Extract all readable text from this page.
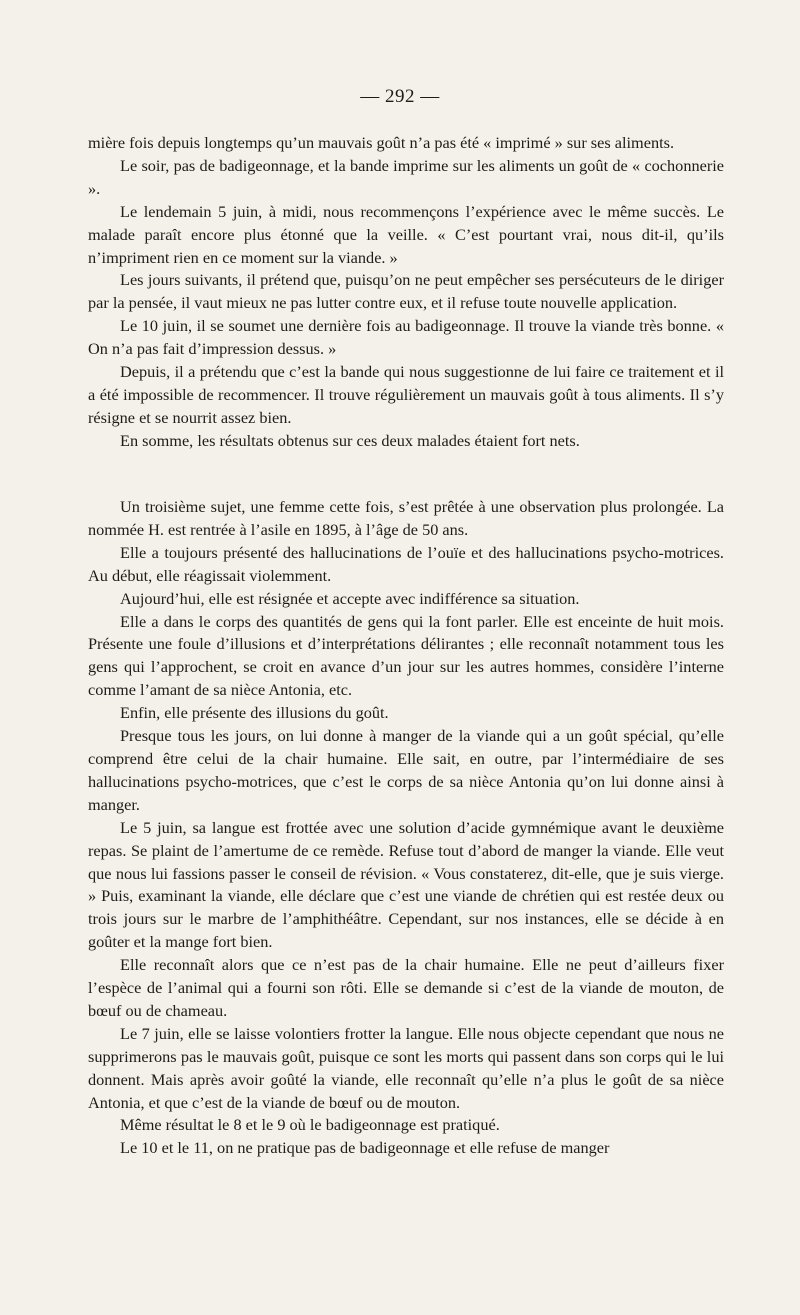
— 292 —

mière fois depuis longtemps qu’un mauvais goût n’a pas été « imprimé » sur ses aliments.

Le soir, pas de badigeonnage, et la bande imprime sur les aliments un goût de « cochonnerie ».

Le lendemain 5 juin, à midi, nous recommençons l’expérience avec le même succès. Le malade paraît encore plus étonné que la veille. « C’est pourtant vrai, nous dit-il, qu’ils n’impriment rien en ce moment sur la viande. »

Les jours suivants, il prétend que, puisqu’on ne peut empêcher ses persécuteurs de le diriger par la pensée, il vaut mieux ne pas lutter contre eux, et il refuse toute nouvelle application.

Le 10 juin, il se soumet une dernière fois au badigeonnage. Il trouve la viande très bonne. « On n’a pas fait d’impression dessus. »

Depuis, il a prétendu que c’est la bande qui nous suggestionne de lui faire ce traitement et il a été impossible de recommencer. Il trouve régulièrement un mauvais goût à tous aliments. Il s’y résigne et se nourrit assez bien.

En somme, les résultats obtenus sur ces deux malades étaient fort nets.

Un troisième sujet, une femme cette fois, s’est prêtée à une observation plus prolongée. La nommée H. est rentrée à l’asile en 1895, à l’âge de 50 ans.

Elle a toujours présenté des hallucinations de l’ouïe et des hallucinations psycho-motrices. Au début, elle réagissait violemment.

Aujourd’hui, elle est résignée et accepte avec indifférence sa situation.

Elle a dans le corps des quantités de gens qui la font parler. Elle est enceinte de huit mois. Présente une foule d’illusions et d’interprétations délirantes ; elle reconnaît notamment tous les gens qui l’approchent, se croit en avance d’un jour sur les autres hommes, considère l’interne comme l’amant de sa nièce Antonia, etc.

Enfin, elle présente des illusions du goût.

Presque tous les jours, on lui donne à manger de la viande qui a un goût spécial, qu’elle comprend être celui de la chair humaine. Elle sait, en outre, par l’intermédiaire de ses hallucinations psycho-motrices, que c’est le corps de sa nièce Antonia qu’on lui donne ainsi à manger.

Le 5 juin, sa langue est frottée avec une solution d’acide gymnémique avant le deuxième repas. Se plaint de l’amertume de ce remède. Refuse tout d’abord de manger la viande. Elle veut que nous lui fassions passer le conseil de révision. « Vous constaterez, dit-elle, que je suis vierge. » Puis, examinant la viande, elle déclare que c’est une viande de chrétien qui est restée deux ou trois jours sur le marbre de l’amphithéâtre. Cependant, sur nos instances, elle se décide à en goûter et la mange fort bien.

Elle reconnaît alors que ce n’est pas de la chair humaine. Elle ne peut d’ailleurs fixer l’espèce de l’animal qui a fourni son rôti. Elle se demande si c’est de la viande de mouton, de bœuf ou de chameau.

Le 7 juin, elle se laisse volontiers frotter la langue. Elle nous objecte cependant que nous ne supprimerons pas le mauvais goût, puisque ce sont les morts qui passent dans son corps qui le lui donnent. Mais après avoir goûté la viande, elle reconnaît qu’elle n’a plus le goût de sa nièce Antonia, et que c’est de la viande de bœuf ou de mouton.

Même résultat le 8 et le 9 où le badigeonnage est pratiqué.

Le 10 et le 11, on ne pratique pas de badigeonnage et elle refuse de manger
